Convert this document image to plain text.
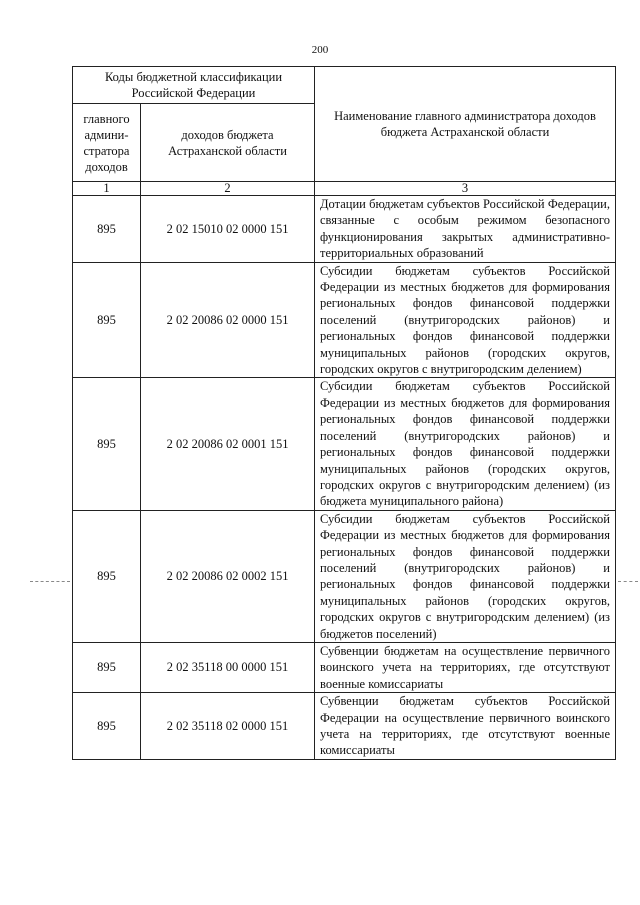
200
Коды бюджетной классификации Российской Федерации		Наименование главного администратора доходов бюджета Астраханской области
главного админи-стратора доходов	доходов бюджета Астраханской области	
1	2	3
895	2 02 15010 02 0000 151	Дотации бюджетам субъектов Российской Федерации, связанные с особым режимом безопасного функционирования закрытых административно-территориальных образований
895	2 02 20086 02 0000 151	Субсидии бюджетам субъектов Российской Федерации из местных бюджетов для формирования региональных фондов финансовой поддержки поселений (внутригородских районов) и региональных фондов финансовой поддержки муниципальных районов (городских округов, городских округов с внутригородским делением)
895	2 02 20086 02 0001 151	Субсидии бюджетам субъектов Российской Федерации из местных бюджетов для формирования региональных фондов финансовой поддержки поселений (внутригородских районов) и региональных фондов финансовой поддержки муниципальных районов (городских округов, городских округов с внутригородским делением) (из бюджета муниципального района)
895	2 02 20086 02 0002 151	Субсидии бюджетам субъектов Российской Федерации из местных бюджетов для формирования региональных фондов финансовой поддержки поселений (внутригородских районов) и региональных фондов финансовой поддержки муниципальных районов (городских округов, городских округов с внутригородским делением) (из бюджетов поселений)
895	2 02 35118 00 0000 151	Субвенции бюджетам на осуществление первичного воинского учета на территориях, где отсутствуют военные комиссариаты
895	2 02 35118 02 0000 151	Субвенции бюджетам субъектов Российской Федерации на осуществление первичного воинского учета на территориях, где отсутствуют военные комиссариаты
